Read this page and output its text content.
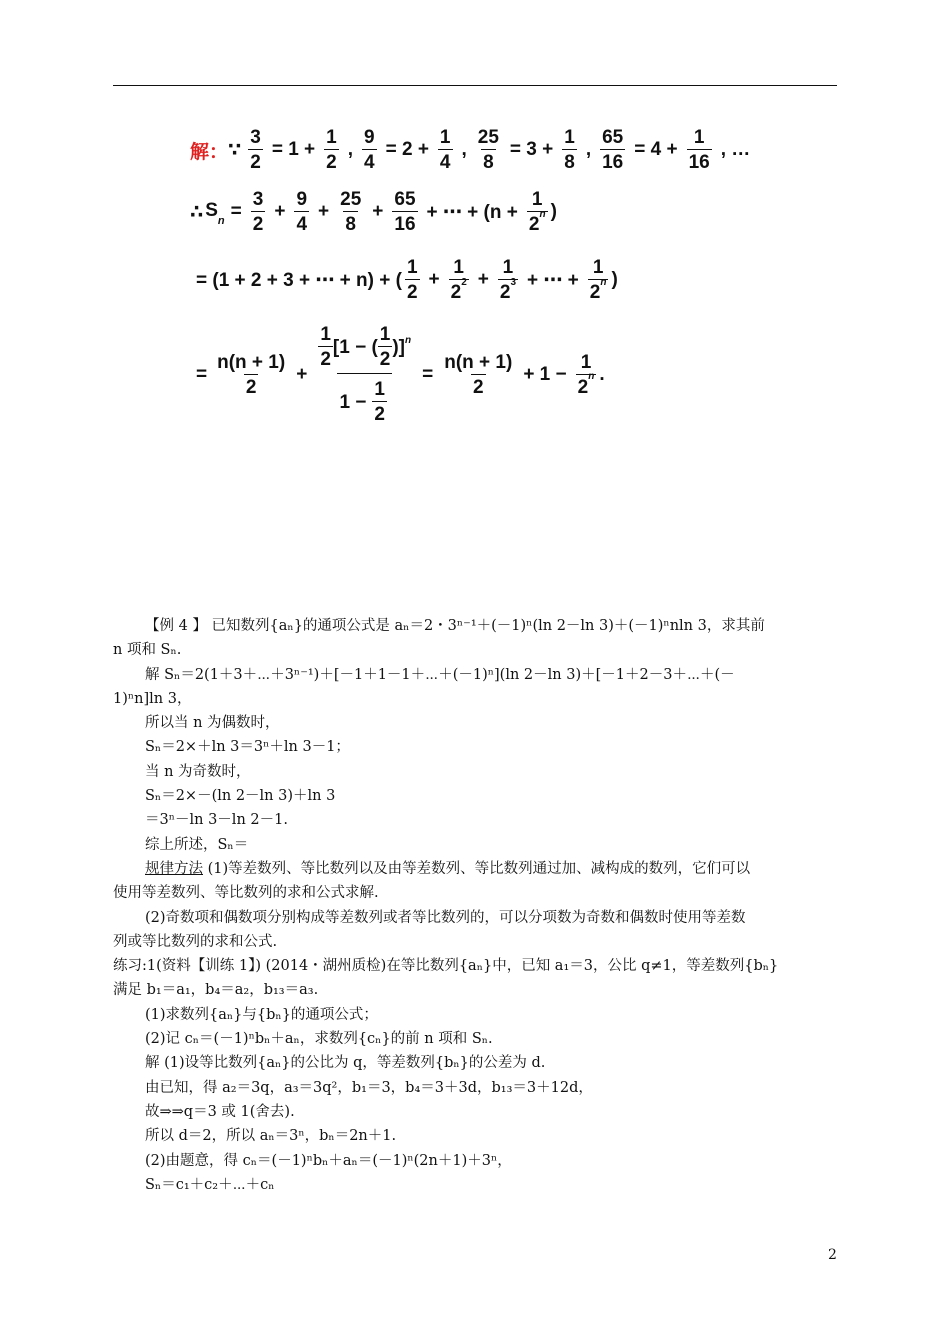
解： ∵ $\frac{3}{2} = 1 + \frac{1}{2}$ , $\frac{9}{4} = 2 + \frac{1}{4}$ , $\frac{25}{8} = 3 + \frac{1}{8}$ , $\frac{65}{16} = 4 + \frac{1}{16}$ , …
∴ $S_n = \frac{3}{2} + \frac{9}{4} + \frac{25}{8} + \frac{65}{16}$ + ⋯ + ($n + \frac{1}{2^n}$ )
= (1 + 2 + 3 + ⋯ + n) + ( $\frac{1}{2} + \frac{1}{2^2} + \frac{1}{2^3}$ + ⋯ + $\frac{1}{2^n}$ )
= $\frac{n(n + 1)}{2} + \frac{\frac{1}{2} [1 - ( \frac{1}{2} )] ^n}{1 - \frac{1}{2}} = \frac{n(n + 1)}{2} + 1 - \frac{1}{2^n}$ .
【例 4 】 已知数列{aₙ}的通项公式是 aₙ＝2・3ⁿ⁻¹＋(－1)ⁿ(ln 2－ln 3)＋(－1)ⁿnln 3，求其前
n 项和 Sₙ.
解 Sₙ＝2(1＋3＋⋯＋3ⁿ⁻¹)＋[－1＋1－1＋⋯＋(－1)ⁿ](ln 2－ln 3)＋[－1＋2－3＋⋯＋(－
1)ⁿn]ln 3，
所以当 n 为偶数时，
Sₙ＝2×＋ln 3＝3ⁿ＋ln 3－1；
当 n 为奇数时，
Sₙ＝2×－(ln 2－ln 3)＋ln 3
＝3ⁿ－ln 3－ln 2－1.
综上所述，Sₙ＝
规律方法 (1)等差数列、等比数列以及由等差数列、等比数列通过加、减构成的数列，它们可以
使用等差数列、等比数列的求和公式求解.
(2)奇数项和偶数项分别构成等差数列或者等比数列的，可以分项数为奇数和偶数时使用等差数
列或等比数列的求和公式.
练习:1(资料【训练 1】) (2014・湖州质检)在等比数列{aₙ}中，已知 a₁＝3，公比 q≠1，等差数列{bₙ}
满足 b₁＝a₁，b₄＝a₂，b₁₃＝a₃.
(1)求数列{aₙ}与{bₙ}的通项公式；
(2)记 cₙ＝(－1)ⁿbₙ＋aₙ，求数列{cₙ}的前 n 项和 Sₙ.
解 (1)设等比数列{aₙ}的公比为 q，等差数列{bₙ}的公差为 d.
由已知，得 a₂＝3q，a₃＝3q²，b₁＝3，b₄＝3＋3d，b₁₃＝3＋12d，
故⇒⇒q＝3 或 1(舍去).
所以 d＝2，所以 aₙ＝3ⁿ，bₙ＝2n＋1.
(2)由题意，得 cₙ＝(－1)ⁿbₙ＋aₙ＝(－1)ⁿ(2n＋1)＋3ⁿ，
Sₙ＝c₁＋c₂＋⋯＋cₙ
2
